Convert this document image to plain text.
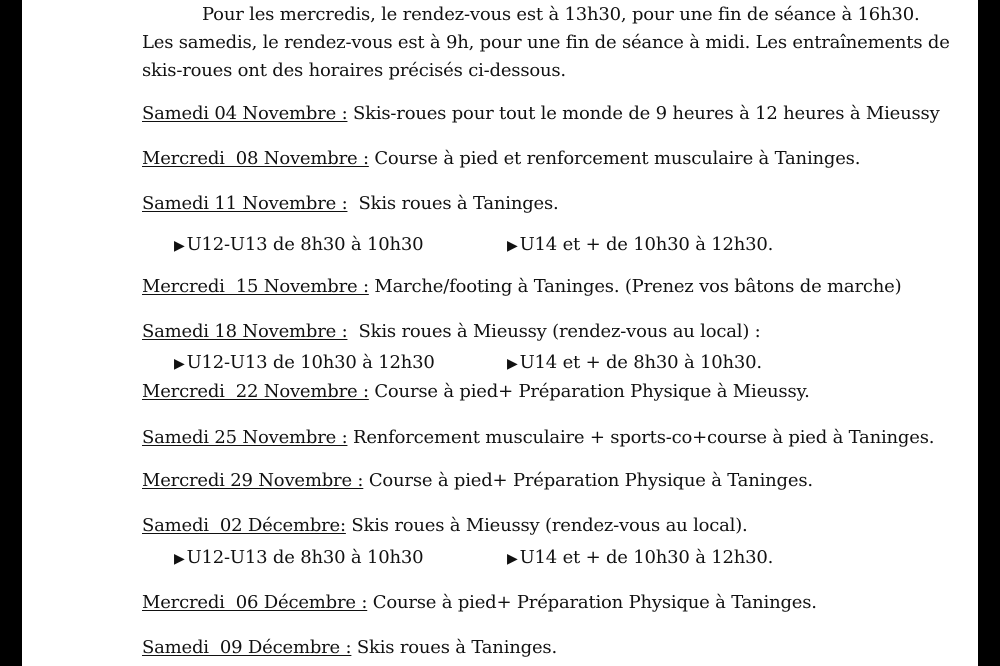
Pour les mercredis, le rendez-vous est à 13h30, pour une fin de séance à 16h30.
Les samedis, le rendez-vous est à 9h, pour une fin de séance à midi. Les entraînements de
skis-roues ont des horaires précisés ci-dessous.
Samedi 04 Novembre : Skis-roues pour tout le monde de 9 heures à 12 heures à Mieussy
Mercredi  08 Novembre : Course à pied et renforcement musculaire à Taninges.
Samedi 11 Novembre :  Skis roues à Taninges.
▶ U12-U13 de 8h30 à 10h30	▶ U14 et + de 10h30 à 12h30.
Mercredi  15 Novembre : Marche/footing à Taninges. (Prenez vos bâtons de marche)
Samedi 18 Novembre :  Skis roues à Mieussy (rendez-vous au local) :
▶ U12-U13 de 10h30 à 12h30	▶ U14 et + de 8h30 à 10h30.
Mercredi  22 Novembre : Course à pied+ Préparation Physique à Mieussy.
Samedi 25 Novembre : Renforcement musculaire + sports-co+course à pied à Taninges.
Mercredi 29 Novembre : Course à pied+ Préparation Physique à Taninges.
Samedi  02 Décembre: Skis roues à Mieussy (rendez-vous au local).
▶ U12-U13 de 8h30 à 10h30	▶ U14 et + de 10h30 à 12h30.
Mercredi  06 Décembre : Course à pied+ Préparation Physique à Taninges.
Samedi  09 Décembre : Skis roues à Taninges.
